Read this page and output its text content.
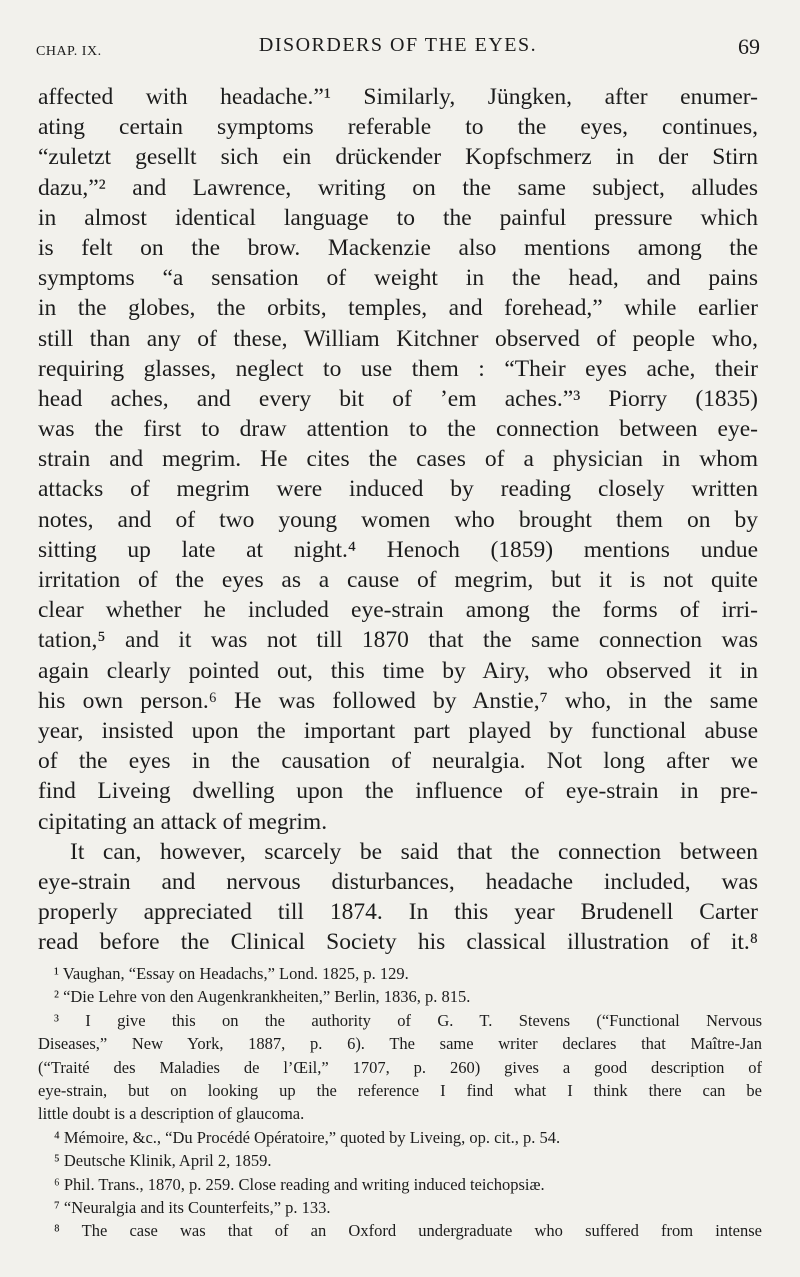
CHAP. IX.	DISORDERS OF THE EYES.	69
affected with headache.”¹ Similarly, Jüngken, after enumer-
ating certain symptoms referable to the eyes, continues,
“zuletzt gesellt sich ein drückender Kopfschmerz in der Stirn
dazu,”² and Lawrence, writing on the same subject, alludes
in almost identical language to the painful pressure which
is felt on the brow. Mackenzie also mentions among the
symptoms “a sensation of weight in the head, and pains
in the globes, the orbits, temples, and forehead,” while earlier
still than any of these, William Kitchner observed of people who,
requiring glasses, neglect to use them : “Their eyes ache, their
head aches, and every bit of ’em aches.”³ Piorry (1835)
was the first to draw attention to the connection between eye-
strain and megrim. He cites the cases of a physician in whom
attacks of megrim were induced by reading closely written
notes, and of two young women who brought them on by
sitting up late at night.⁴ Henoch (1859) mentions undue
irritation of the eyes as a cause of megrim, but it is not quite
clear whether he included eye-strain among the forms of irri-
tation,⁵ and it was not till 1870 that the same connection was
again clearly pointed out, this time by Airy, who observed it in
his own person.⁶ He was followed by Anstie,⁷ who, in the same
year, insisted upon the important part played by functional abuse
of the eyes in the causation of neuralgia. Not long after we
find Liveing dwelling upon the influence of eye-strain in pre-
cipitating an attack of megrim.
It can, however, scarcely be said that the connection between
eye-strain and nervous disturbances, headache included, was
properly appreciated till 1874. In this year Brudenell Carter
read before the Clinical Society his classical illustration of it.⁸
¹ Vaughan, “Essay on Headachs,” Lond. 1825, p. 129.
² “Die Lehre von den Augenkrankheiten,” Berlin, 1836, p. 815.
³ I give this on the authority of G. T. Stevens (“Functional Nervous
Diseases,” New York, 1887, p. 6). The same writer declares that Maître-Jan
(“Traité des Maladies de l’Œil,” 1707, p. 260) gives a good description of
eye-strain, but on looking up the reference I find what I think there can be
little doubt is a description of glaucoma.
⁴ Mémoire, &c., “Du Procédé Opératoire,” quoted by Liveing, op. cit., p. 54.
⁵ Deutsche Klinik, April 2, 1859.
⁶ Phil. Trans., 1870, p. 259. Close reading and writing induced teichopsiæ.
⁷ “Neuralgia and its Counterfeits,” p. 133.
⁸ The case was that of an Oxford undergraduate who suffered from intense
